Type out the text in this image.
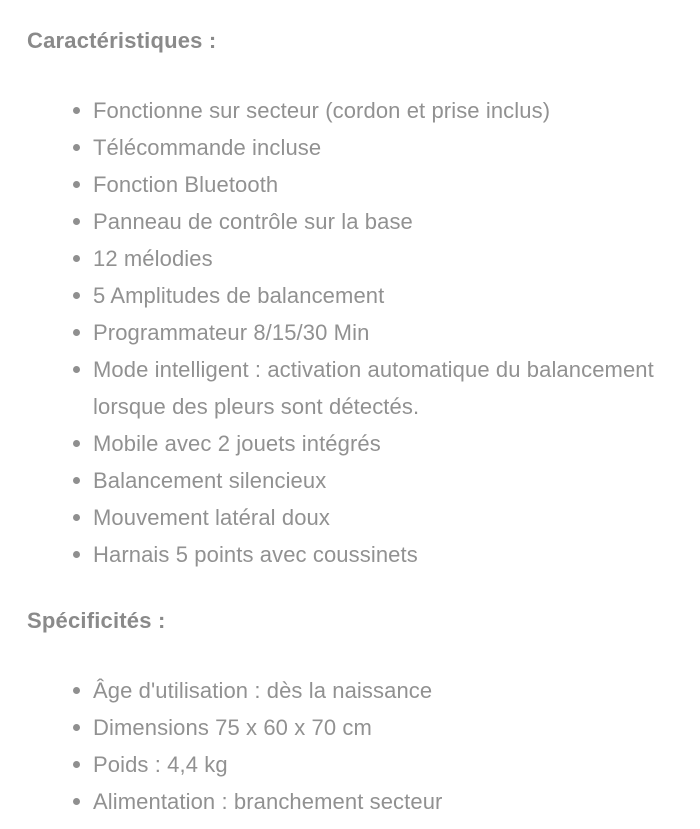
Caractéristiques :
Fonctionne sur secteur (cordon et prise inclus)
Télécommande incluse
Fonction Bluetooth
Panneau de contrôle sur la base
12 mélodies
5 Amplitudes de balancement
Programmateur 8/15/30 Min
Mode intelligent : activation automatique du balancement lorsque des pleurs sont détectés.
Mobile avec 2 jouets intégrés
Balancement silencieux
Mouvement latéral doux
Harnais 5 points avec coussinets
Spécificités :
Âge d'utilisation : dès la naissance
Dimensions 75 x 60 x 70 cm
Poids : 4,4 kg
Alimentation : branchement secteur
